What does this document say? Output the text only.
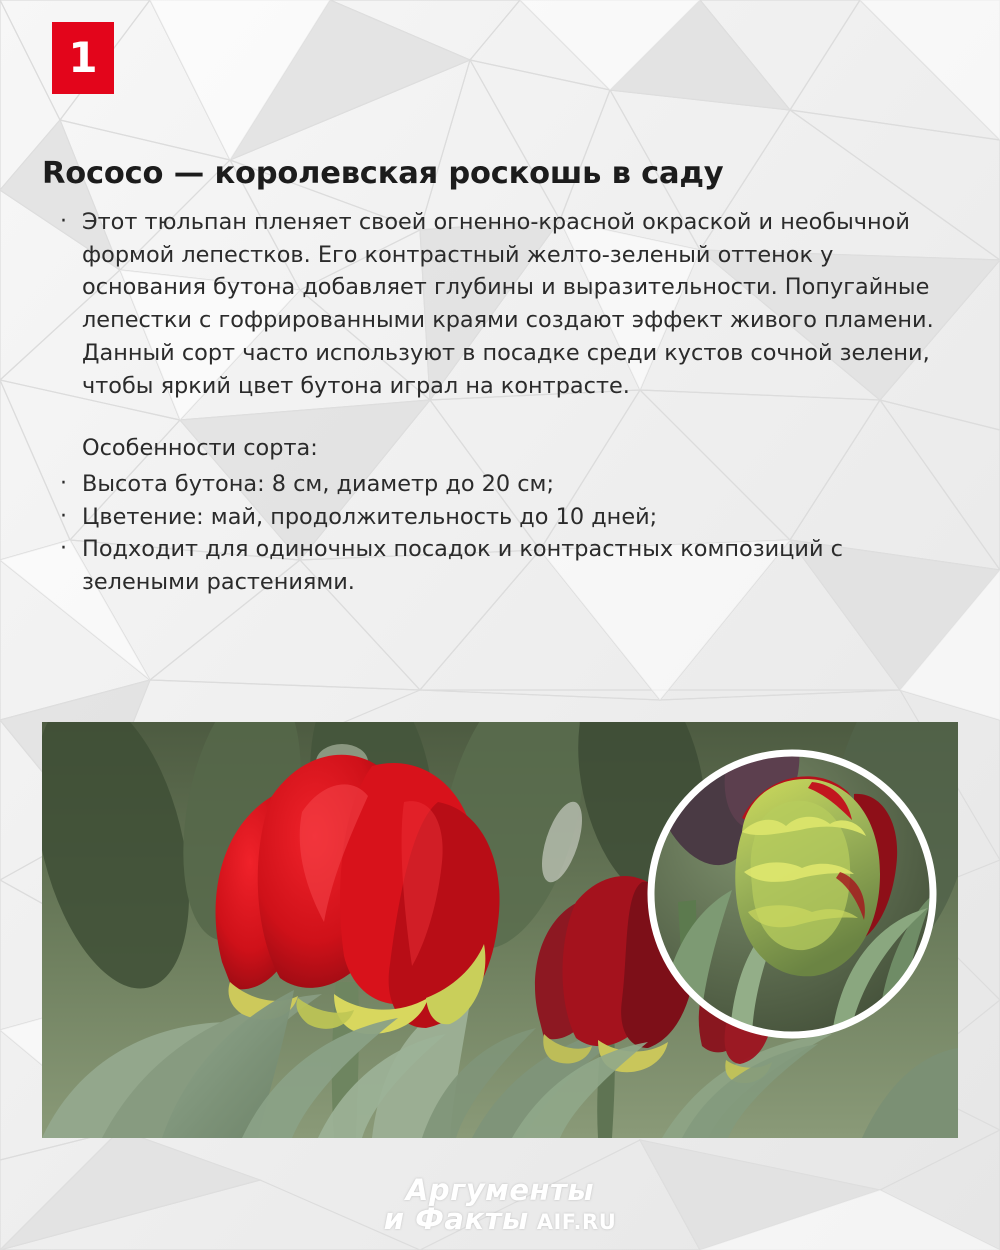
1
Rococo — королевская роскошь в саду
· Этот тюльпан пленяет своей огненно-красной окраской и необычной формой лепестков. Его контрастный желто-зеленый оттенок у основания бутона добавляет глубины и выразительности. Попугайные лепестки с гофрированными краями создают эффект живого пламени. Данный сорт часто используют в посадке среди кустов сочной зелени, чтобы яркий цвет бутона играл на контрасте.
Особенности сорта:
· Высота бутона: 8 см, диаметр до 20 см;
· Цветение: май, продолжительность до 10 дней;
· Подходит для одиночных посадок и контрастных композиций с зелеными растениями.
Аргументы
и Факты AIF.RU
